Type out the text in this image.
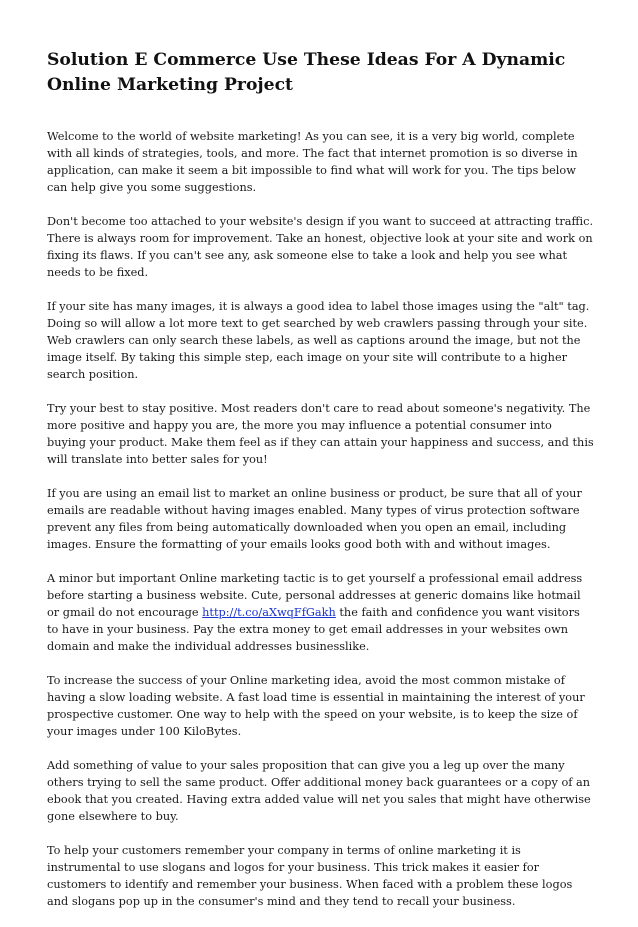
Solution E Commerce Use These Ideas For A Dynamic Online Marketing Project

Welcome to the world of website marketing! As you can see, it is a very big world, complete with all kinds of strategies, tools, and more. The fact that internet promotion is so diverse in application, can make it seem a bit impossible to find what will work for you. The tips below can help give you some suggestions.

Don't become too attached to your website's design if you want to succeed at attracting traffic. There is always room for improvement. Take an honest, objective look at your site and work on fixing its flaws. If you can't see any, ask someone else to take a look and help you see what needs to be fixed.

If your site has many images, it is always a good idea to label those images using the "alt" tag. Doing so will allow a lot more text to get searched by web crawlers passing through your site. Web crawlers can only search these labels, as well as captions around the image, but not the image itself. By taking this simple step, each image on your site will contribute to a higher search position.

Try your best to stay positive. Most readers don't care to read about someone's negativity. The more positive and happy you are, the more you may influence a potential consumer into buying your product. Make them feel as if they can attain your happiness and success, and this will translate into better sales for you!

If you are using an email list to market an online business or product, be sure that all of your emails are readable without having images enabled. Many types of virus protection software prevent any files from being automatically downloaded when you open an email, including images. Ensure the formatting of your emails looks good both with and without images.

A minor but important Online marketing tactic is to get yourself a professional email address before starting a business website. Cute, personal addresses at generic domains like hotmail or gmail do not encourage http://t.co/aXwqFfGakh the faith and confidence you want visitors to have in your business. Pay the extra money to get email addresses in your websites own domain and make the individual addresses businesslike.

To increase the success of your Online marketing idea, avoid the most common mistake of having a slow loading website. A fast load time is essential in maintaining the interest of your prospective customer. One way to help with the speed on your website, is to keep the size of your images under 100 KiloBytes.

Add something of value to your sales proposition that can give you a leg up over the many others trying to sell the same product. Offer additional money back guarantees or a copy of an ebook that you created. Having extra added value will net you sales that might have otherwise gone elsewhere to buy.

To help your customers remember your company in terms of online marketing it is instrumental to use slogans and logos for your business. This trick makes it easier for customers to identify and remember your business. When faced with a problem these logos and slogans pop up in the consumer's mind and they tend to recall your business.
